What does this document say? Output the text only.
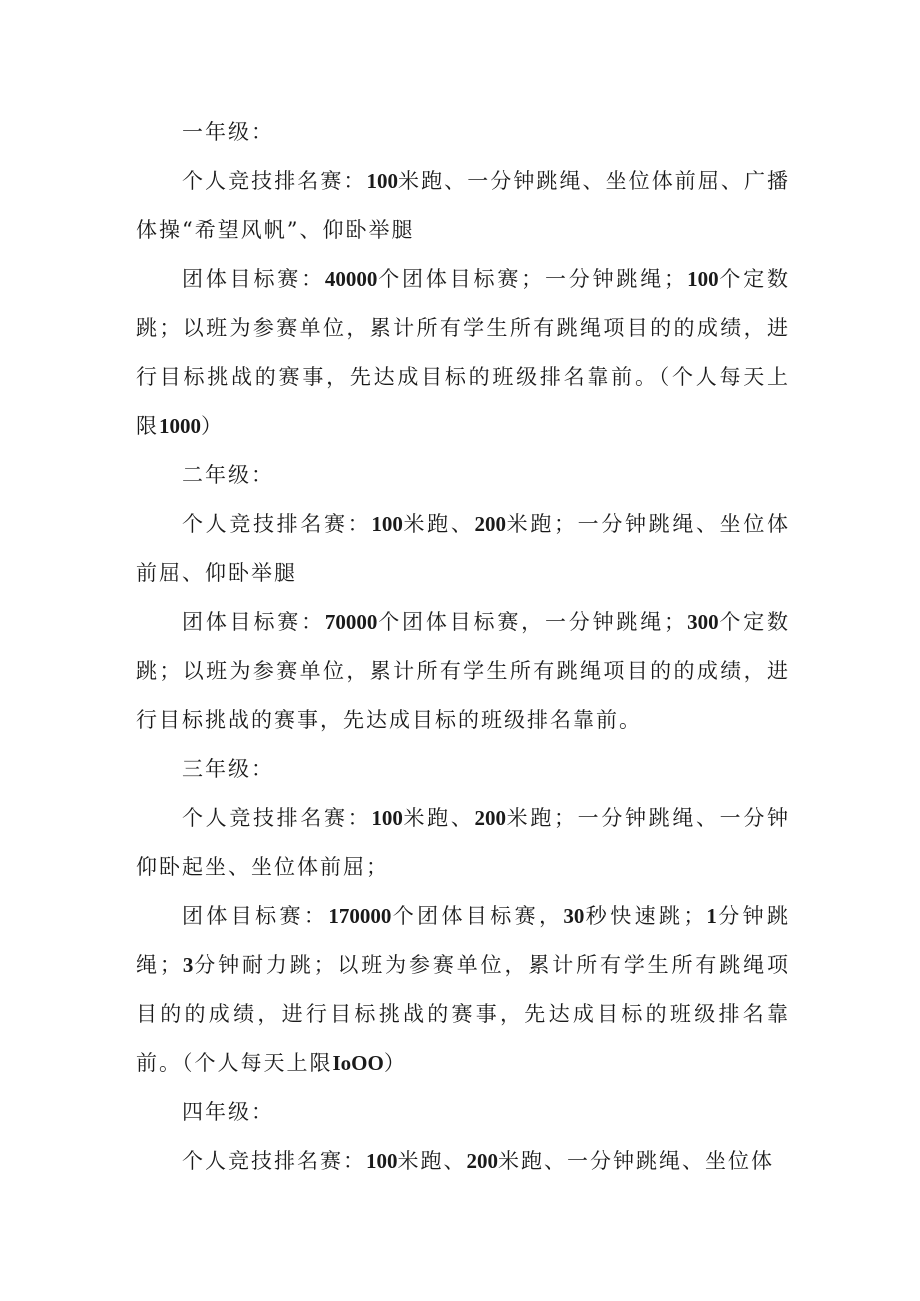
一年级：

个人竞技排名赛：100米跑、一分钟跳绳、坐位体前屈、广播体操“希望风帆”、仰卧举腿

团体目标赛：40000个团体目标赛；一分钟跳绳；100个定数跳；以班为参赛单位，累计所有学生所有跳绳项目的的成绩，进行目标挑战的赛事，先达成目标的班级排名靠前。（个人每天上限1000）

二年级：

个人竞技排名赛：100米跑、200米跑；一分钟跳绳、坐位体前屈、仰卧举腿

团体目标赛：70000个团体目标赛，一分钟跳绳；300个定数跳；以班为参赛单位，累计所有学生所有跳绳项目的的成绩，进行目标挑战的赛事，先达成目标的班级排名靠前。

三年级：

个人竞技排名赛：100米跑、200米跑；一分钟跳绳、一分钟仰卧起坐、坐位体前屈；

团体目标赛：170000个团体目标赛，30秒快速跳；1分钟跳绳；3分钟耐力跳；以班为参赛单位，累计所有学生所有跳绳项目的的成绩，进行目标挑战的赛事，先达成目标的班级排名靠前。（个人每天上限IoOO）

四年级：

个人竞技排名赛：100米跑、200米跑、一分钟跳绳、坐位体
